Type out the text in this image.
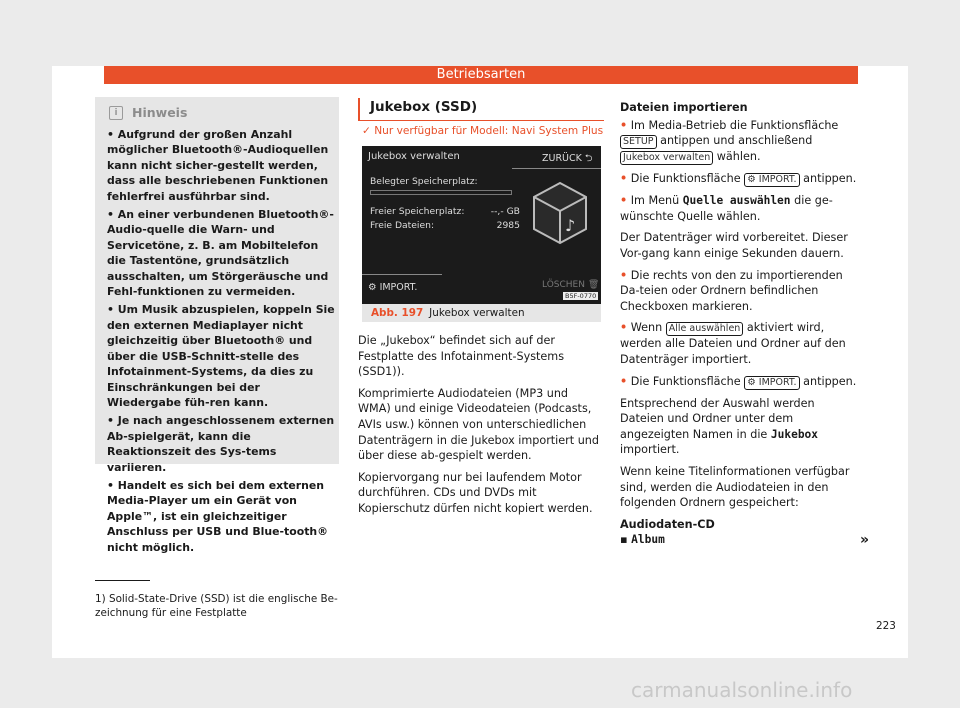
Betriebsarten
i	Hinweis

• Aufgrund der großen Anzahl möglicher Bluetooth®-Audioquellen kann nicht sicher-gestellt werden, dass alle beschriebenen Funktionen fehlerfrei ausführbar sind.

• An einer verbundenen Bluetooth®-Audio-quelle die Warn- und Servicetöne, z. B. am Mobiltelefon die Tastentöne, grundsätzlich ausschalten, um Störgeräusche und Fehl-funktionen zu vermeiden.

• Um Musik abzuspielen, koppeln Sie den externen Mediaplayer nicht gleichzeitig über Bluetooth® und über die USB-Schnitt-stelle des Infotainment-Systems, da dies zu Einschränkungen bei der Wiedergabe füh-ren kann.

• Je nach angeschlossenem externen Ab-spielgerät, kann die Reaktionszeit des Sys-tems variieren.

• Handelt es sich bei dem externen Media-Player um ein Gerät von Apple™, ist ein gleichzeitiger Anschluss per USB und Blue-tooth® nicht möglich.

Jukebox (SSD)
✓ Nur verfügbar für Modell: Navi System Plus
Jukebox verwalten	ZURÜCK ⮌
Belegter Speicherplatz:
Freier Speicherplatz:	--,- GB
Freie Dateien:	2985	♪
⚙ IMPORT.	LÖSCHEN 🗑
B5F-0770
Abb. 197 Jukebox verwalten

Die „Jukebox“ befindet sich auf der Festplatte des Infotainment-Systems (SSD1)).

Komprimierte Audiodateien (MP3 und WMA) und einige Videodateien (Podcasts, AVIs usw.) können von unterschiedlichen Datenträgern in die Jukebox importiert und über diese ab-gespielt werden.

Kopiervorgang nur bei laufendem Motor durchführen. CDs und DVDs mit Kopierschutz dürfen nicht kopiert werden.

Dateien importieren

• Im Media-Betrieb die Funktionsfläche SETUP antippen und anschließend Jukebox verwalten wählen.

• Die Funktionsfläche ⚙ IMPORT. antippen.

• Im Menü Quelle auswählen die ge-wünschte Quelle wählen.

Der Datenträger wird vorbereitet. Dieser Vor-gang kann einige Sekunden dauern.

• Die rechts von den zu importierenden Da-teien oder Ordnern befindlichen Checkboxen markieren.

• Wenn Alle auswählen aktiviert wird, werden alle Dateien und Ordner auf den Datenträger importiert.

• Die Funktionsfläche ⚙ IMPORT. antippen.

Entsprechend der Auswahl werden Dateien und Ordner unter dem angezeigten Namen in die Jukebox importiert.

Wenn keine Titelinformationen verfügbar sind, werden die Audiodateien in den folgenden Ordnern gespeichert:

Audiodaten-CD

▪ Album	»
1) Solid-State-Drive (SSD) ist die englische Be-zeichnung für eine Festplatte
223
carmanualsonline.info
